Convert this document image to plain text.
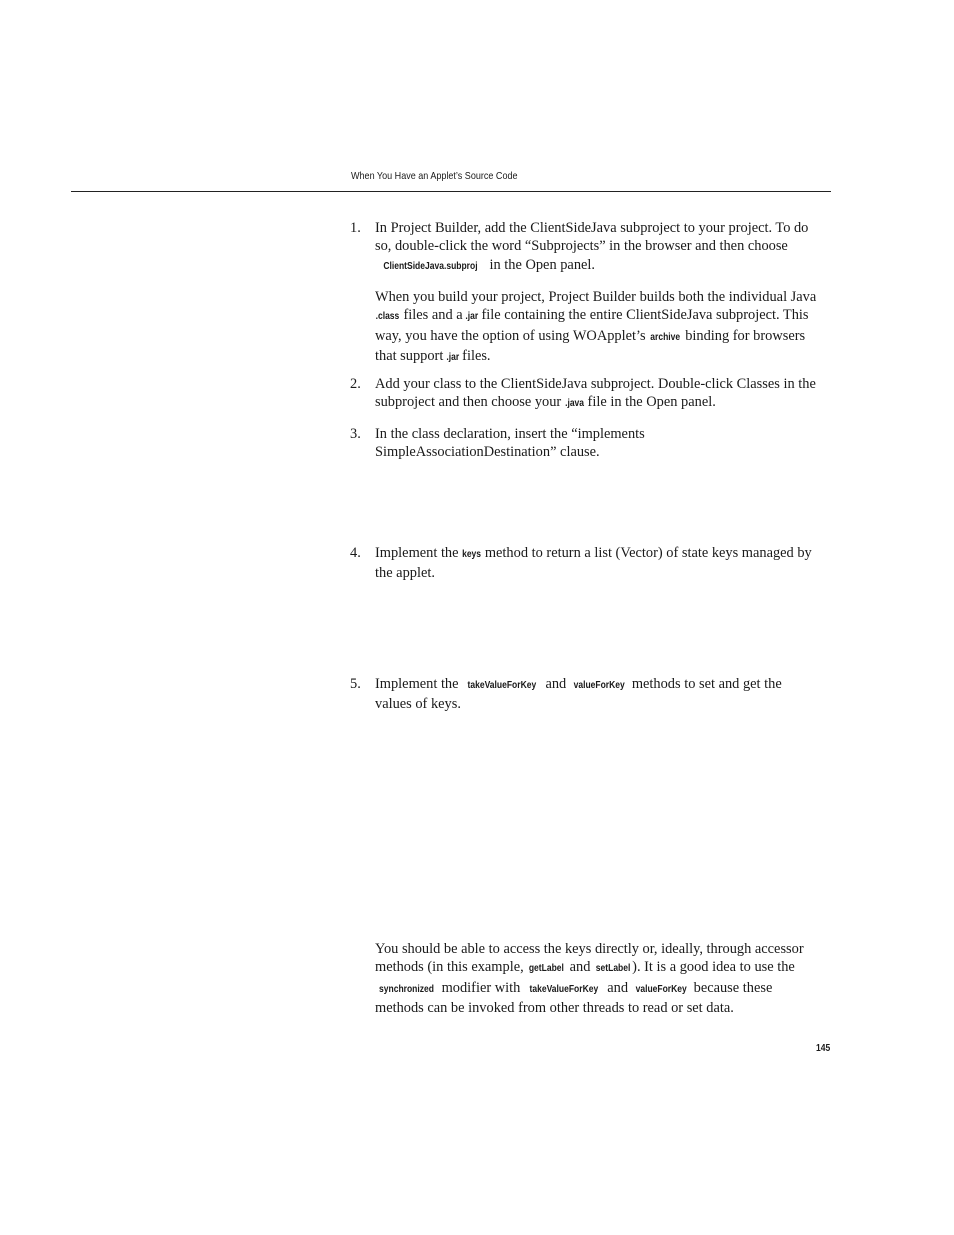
When You Have an Applet’s Source Code
1. In Project Builder, add the ClientSideJava subproject to your project. To do so, double-click the word “Subprojects” in the browser and then choose ClientSideJava.subproj in the Open panel.
When you build your project, Project Builder builds both the individual Java .class files and a .jar file containing the entire ClientSideJava subproject. This way, you have the option of using WOApplet’s archive binding for browsers that support .jar files.
2. Add your class to the ClientSideJava subproject. Double-click Classes in the subproject and then choose your .java file in the Open panel.
3. In the class declaration, insert the “implements SimpleAssociationDestination” clause.
4. Implement the keys method to return a list (Vector) of state keys managed by the applet.
5. Implement the takeValueForKey and valueForKey methods to set and get the values of keys.
You should be able to access the keys directly or, ideally, through accessor methods (in this example, getLabel and setLabel ). It is a good idea to use the synchronized modifier with takeValueForKey and valueForKey because these methods can be invoked from other threads to read or set data.
145
